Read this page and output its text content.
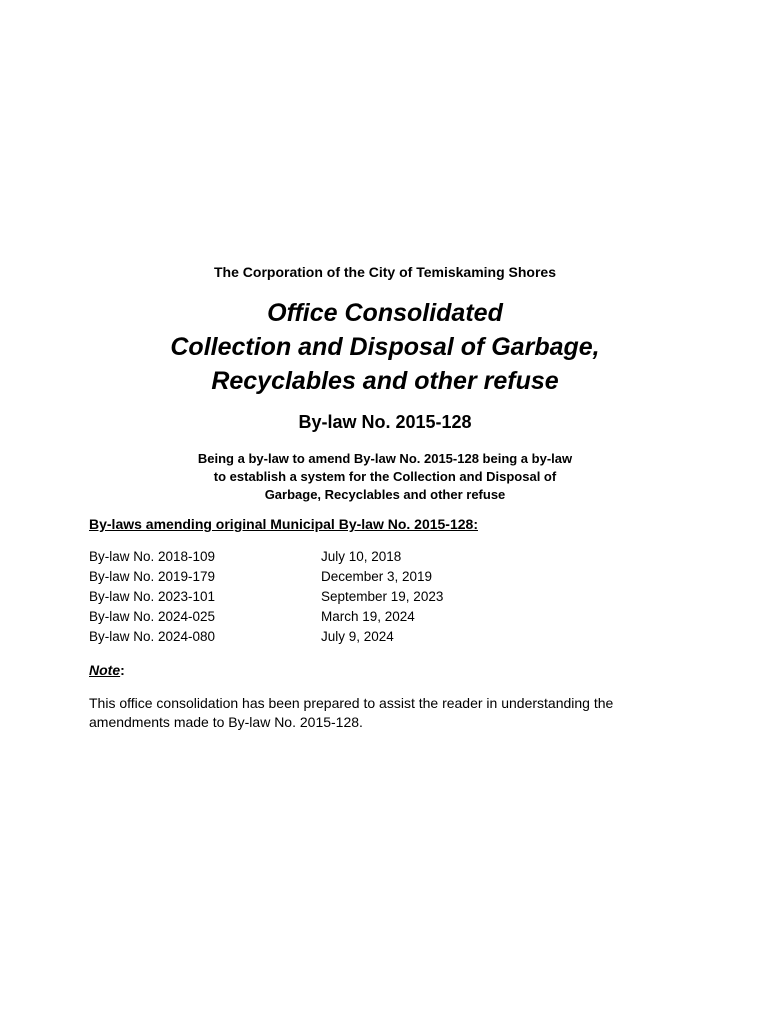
The Corporation of the City of Temiskaming Shores
Office Consolidated
Collection and Disposal of Garbage,
Recyclables and other refuse
By-law No. 2015-128
Being a by-law to amend By-law No. 2015-128 being a by-law
to establish a system for the Collection and Disposal of
Garbage, Recyclables and other refuse
By-laws amending original Municipal By-law No. 2015-128:
By-law No. 2018-109	July 10, 2018
By-law No. 2019-179	December 3, 2019
By-law No. 2023-101	September 19, 2023
By-law No. 2024-025	March 19, 2024
By-law No. 2024-080	July 9, 2024
Note:
This office consolidation has been prepared to assist the reader in understanding the
amendments made to By-law No. 2015-128.
